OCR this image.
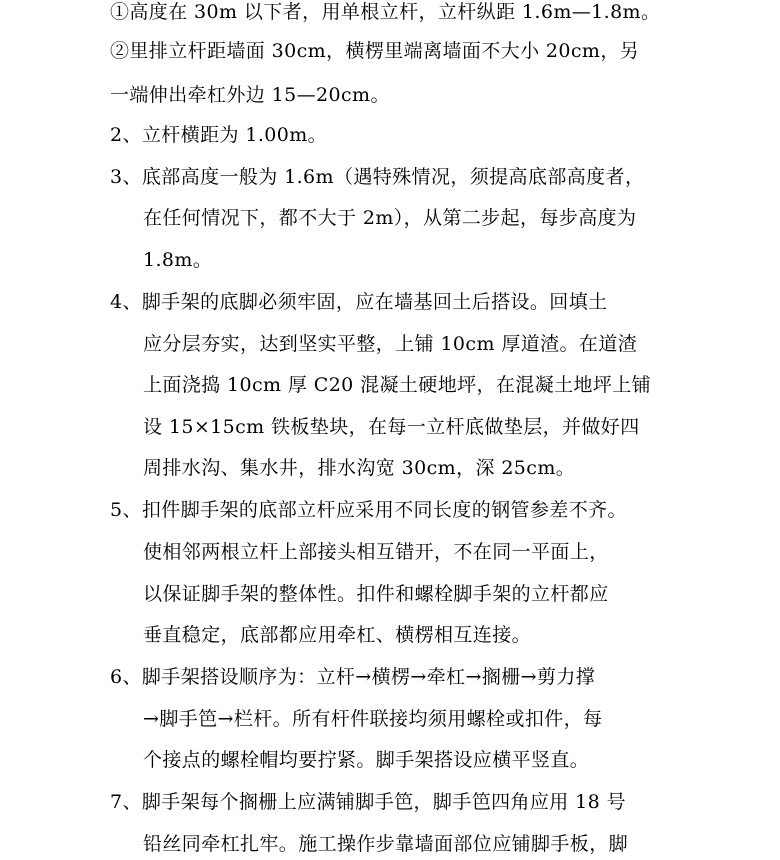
①高度在 30m 以下者，用单根立杆，立杆纵距 1.6m—1.8m。
②里排立杆距墙面 30cm，横楞里端离墙面不大小 20cm，另
一端伸出牵杠外边 15—20cm。
2、立杆横距为 1.00m。
3、底部高度一般为 1.6m（遇特殊情况，须提高底部高度者，
在任何情况下，都不大于 2m），从第二步起，每步高度为
1.8m。
4、脚手架的底脚必须牢固，应在墙基回土后搭设。回填土
应分层夯实，达到坚实平整，上铺 10cm 厚道渣。在道渣
上面浇捣 10cm 厚 C20 混凝土硬地坪，在混凝土地坪上铺
设 15×15cm 铁板垫块，在每一立杆底做垫层，并做好四
周排水沟、集水井，排水沟宽 30cm，深 25cm。
5、扣件脚手架的底部立杆应采用不同长度的钢管参差不齐。
使相邻两根立杆上部接头相互错开，不在同一平面上，
以保证脚手架的整体性。扣件和螺栓脚手架的立杆都应
垂直稳定，底部都应用牵杠、横楞相互连接。
6、脚手架搭设顺序为：立杆→横楞→牵杠→搁栅→剪力撑
→脚手笆→栏杆。所有杆件联接均须用螺栓或扣件，每
个接点的螺栓帽均要拧紧。脚手架搭设应横平竖直。
7、脚手架每个搁栅上应满铺脚手笆，脚手笆四角应用 18 号
铅丝同牵杠扎牢。施工操作步靠墙面部位应铺脚手板，脚
